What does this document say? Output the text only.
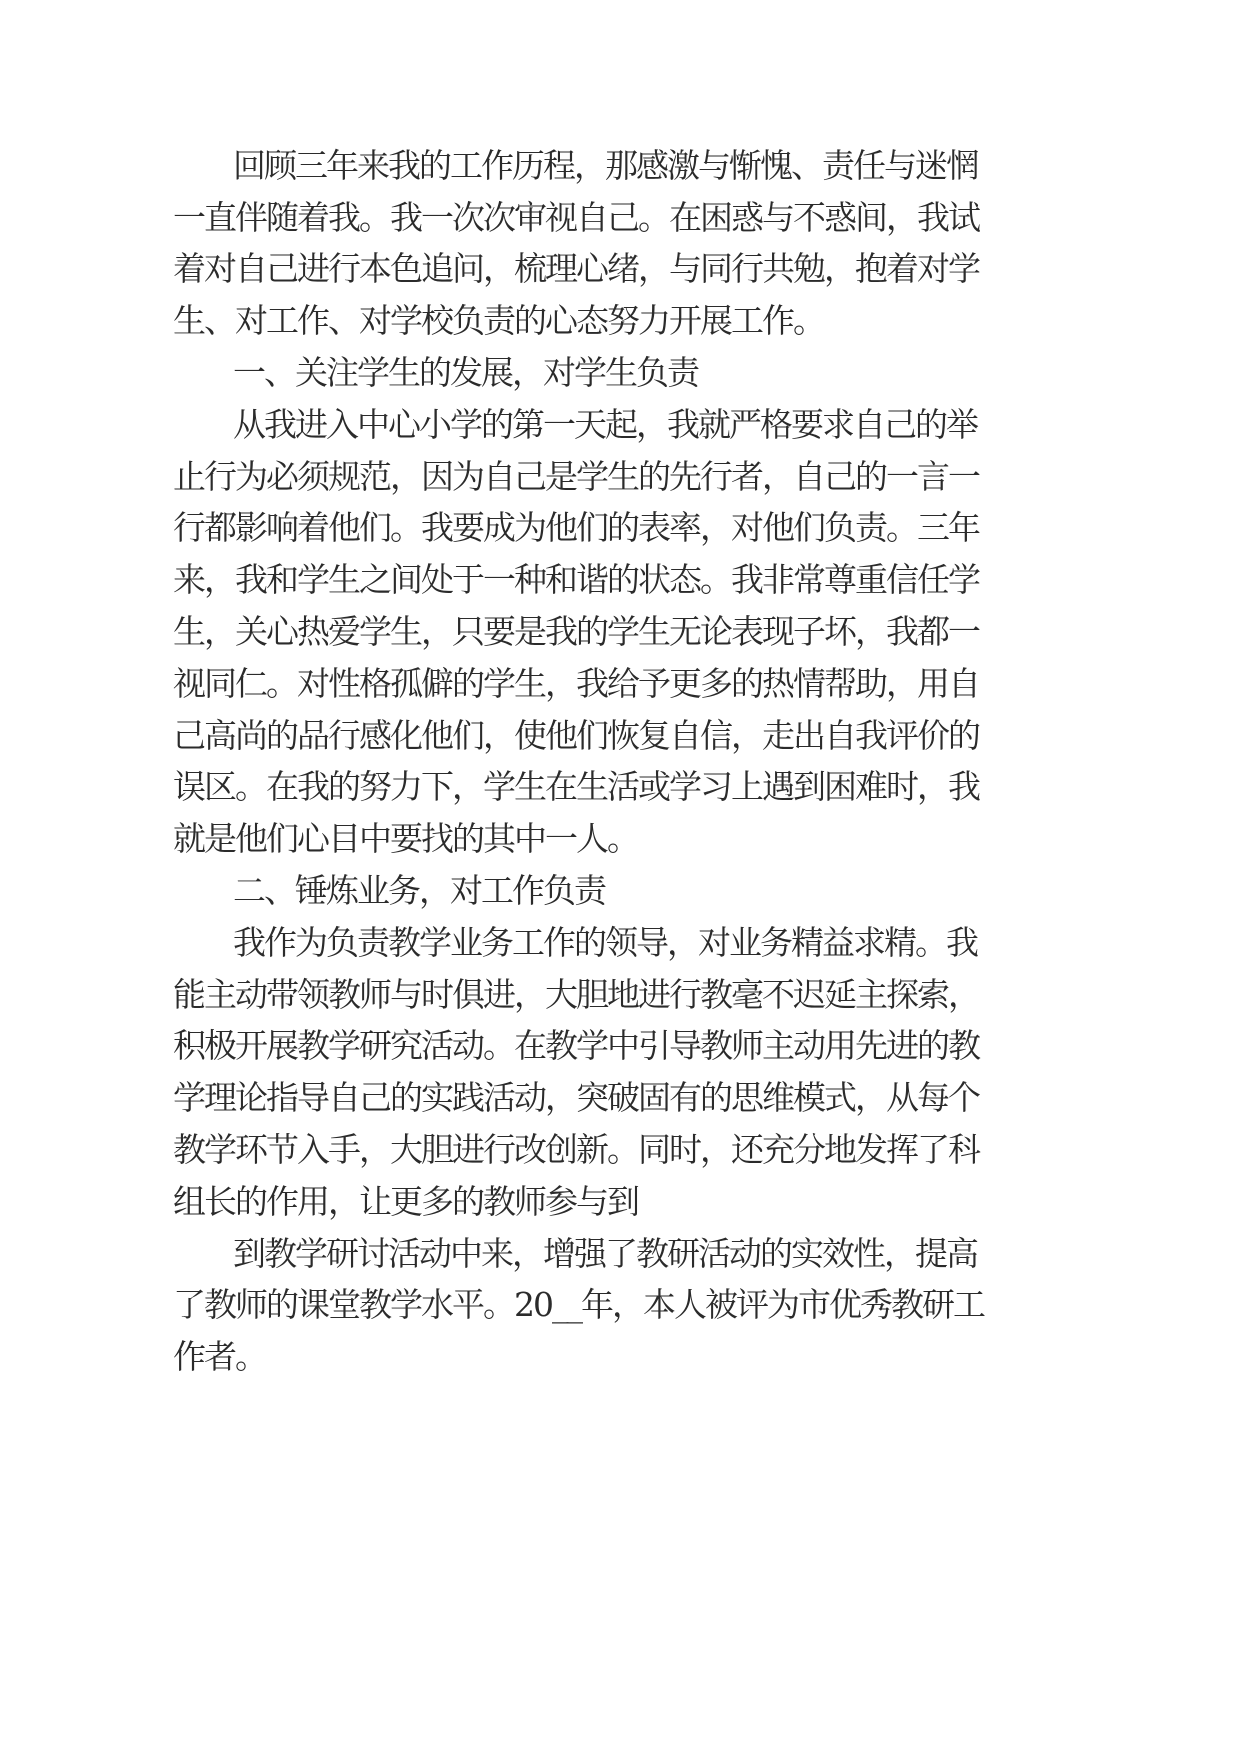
回顾三年来我的工作历程，那感激与惭愧、责任与迷惘

一直伴随着我。我一次次审视自己。在困惑与不惑间，我试

着对自己进行本色追问，梳理心绪，与同行共勉，抱着对学

生、对工作、对学校负责的心态努力开展工作。

一、关注学生的发展，对学生负责

从我进入中心小学的第一天起，我就严格要求自己的举

止行为必须规范，因为自己是学生的先行者，自己的一言一

行都影响着他们。我要成为他们的表率，对他们负责。三年

来，我和学生之间处于一种和谐的状态。我非常尊重信任学

生，关心热爱学生，只要是我的学生无论表现子坏，我都一

视同仁。对性格孤僻的学生，我给予更多的热情帮助，用自

己高尚的品行感化他们，使他们恢复自信，走出自我评价的

误区。在我的努力下，学生在生活或学习上遇到困难时，我

就是他们心目中要找的其中一人。

二、锤炼业务，对工作负责

我作为负责教学业务工作的领导，对业务精益求精。我

能主动带领教师与时俱进，大胆地进行教毫不迟延主探索，

积极开展教学研究活动。在教学中引导教师主动用先进的教

学理论指导自己的实践活动，突破固有的思维模式，从每个

教学环节入手，大胆进行改创新。同时，还充分地发挥了科

组长的作用，让更多的教师参与到

到教学研讨活动中来，增强了教研活动的实效性，提高

了教师的课堂教学水平。20__年，本人被评为市优秀教研工

作者。
